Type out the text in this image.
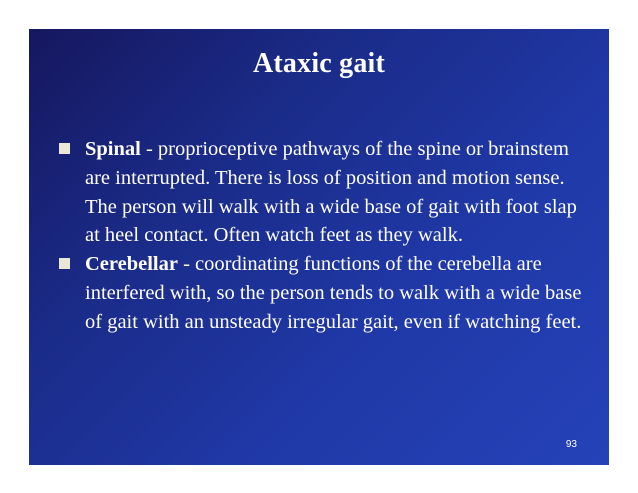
Ataxic gait
Spinal - proprioceptive pathways of the spine or brainstem are interrupted. There is loss of position and motion sense. The person will walk with a wide base of gait with foot slap at heel contact. Often watch feet as they walk.
Cerebellar - coordinating functions of the cerebella are interfered with, so the person tends to walk with a wide base of gait with an unsteady irregular gait, even if watching feet.
93
